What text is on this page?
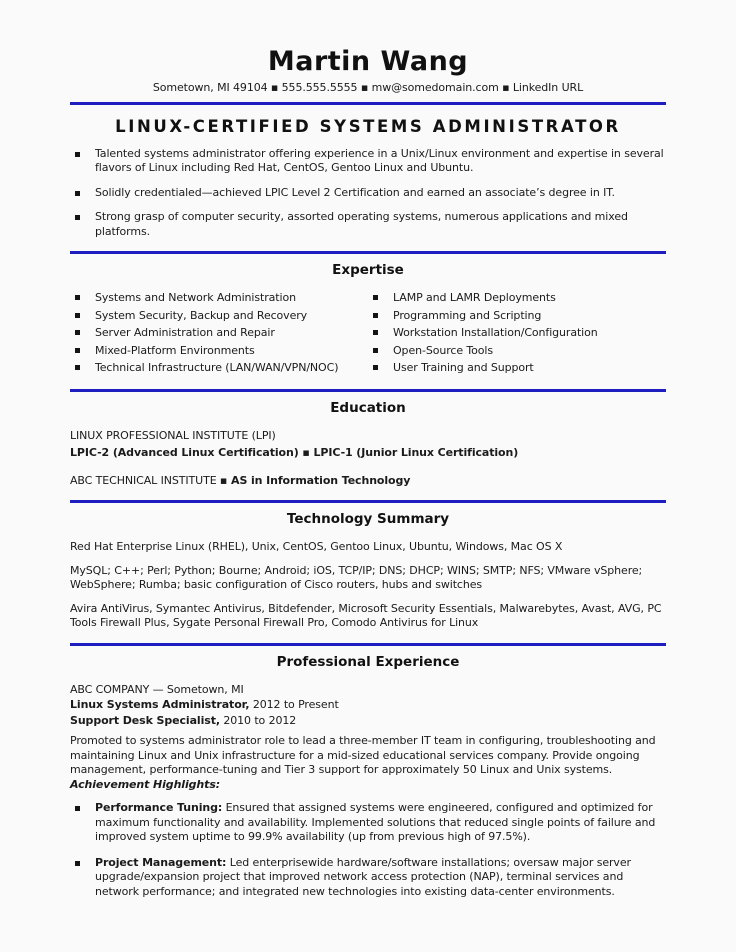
Martin Wang
Sometown, MI 49104 ▪ 555.555.5555 ▪ mw@somedomain.com ▪ LinkedIn URL
LINUX-CERTIFIED SYSTEMS ADMINISTRATOR
Talented systems administrator offering experience in a Unix/Linux environment and expertise in several flavors of Linux including Red Hat, CentOS, Gentoo Linux and Ubuntu.
Solidly credentialed—achieved LPIC Level 2 Certification and earned an associate’s degree in IT.
Strong grasp of computer security, assorted operating systems, numerous applications and mixed platforms.
Expertise
Systems and Network Administration
System Security, Backup and Recovery
Server Administration and Repair
Mixed-Platform Environments
Technical Infrastructure (LAN/WAN/VPN/NOC)
LAMP and LAMR Deployments
Programming and Scripting
Workstation Installation/Configuration
Open-Source Tools
User Training and Support
Education
LINUX PROFESSIONAL INSTITUTE (LPI)
LPIC-2 (Advanced Linux Certification) ▪ LPIC-1 (Junior Linux Certification)
ABC TECHNICAL INSTITUTE ▪ AS in Information Technology
Technology Summary
Red Hat Enterprise Linux (RHEL), Unix, CentOS, Gentoo Linux, Ubuntu, Windows, Mac OS X
MySQL; C++; Perl; Python; Bourne; Android; iOS, TCP/IP; DNS; DHCP; WINS; SMTP; NFS; VMware vSphere; WebSphere; Rumba; basic configuration of Cisco routers, hubs and switches
Avira AntiVirus, Symantec Antivirus, Bitdefender, Microsoft Security Essentials, Malwarebytes, Avast, AVG, PC Tools Firewall Plus, Sygate Personal Firewall Pro, Comodo Antivirus for Linux
Professional Experience
ABC COMPANY — Sometown, MI
Linux Systems Administrator, 2012 to Present
Support Desk Specialist, 2010 to 2012
Promoted to systems administrator role to lead a three-member IT team in configuring, troubleshooting and maintaining Linux and Unix infrastructure for a mid-sized educational services company. Provide ongoing management, performance-tuning and Tier 3 support for approximately 50 Linux and Unix systems. Achievement Highlights:
Performance Tuning: Ensured that assigned systems were engineered, configured and optimized for maximum functionality and availability. Implemented solutions that reduced single points of failure and improved system uptime to 99.9% availability (up from previous high of 97.5%).
Project Management: Led enterprisewide hardware/software installations; oversaw major server upgrade/expansion project that improved network access protection (NAP), terminal services and network performance; and integrated new technologies into existing data-center environments.
